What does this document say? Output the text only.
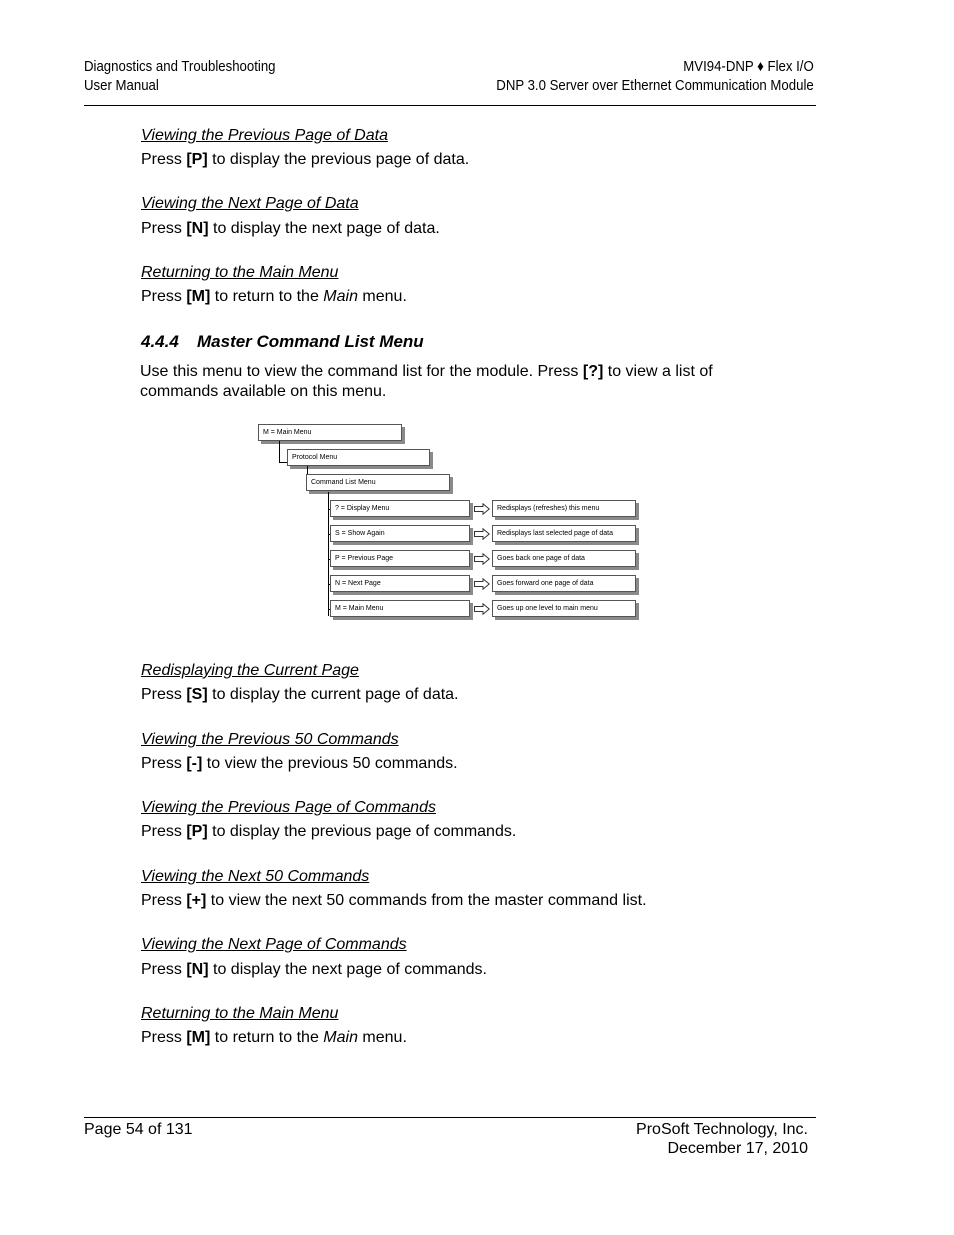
Diagnostics and Troubleshooting
User Manual
MVI94-DNP ♦ Flex I/O
DNP 3.0 Server over Ethernet Communication Module
Viewing the Previous Page of Data
Press [P] to display the previous page of data.
Viewing the Next Page of Data
Press [N] to display the next page of data.
Returning to the Main Menu
Press [M] to return to the Main menu.
4.4.4 Master Command List Menu
Use this menu to view the command list for the module. Press [?] to view a list of commands available on this menu.
M = Main Menu
Protocol Menu
Command List Menu
? = Display Menu	Redisplays (refreshes) this menu
S = Show Again	Redisplays last selected page of data
P = Previous Page	Goes back one page of data
N = Next Page	Goes forward one page of data
M = Main Menu	Goes up one level to main menu
Redisplaying the Current Page
Press [S] to display the current page of data.
Viewing the Previous 50 Commands
Press [-] to view the previous 50 commands.
Viewing the Previous Page of Commands
Press [P] to display the previous page of commands.
Viewing the Next 50 Commands
Press [+] to view the next 50 commands from the master command list.
Viewing the Next Page of Commands
Press [N] to display the next page of commands.
Returning to the Main Menu
Press [M] to return to the Main menu.
Page 54 of 131	ProSoft Technology, Inc.
December 17, 2010
